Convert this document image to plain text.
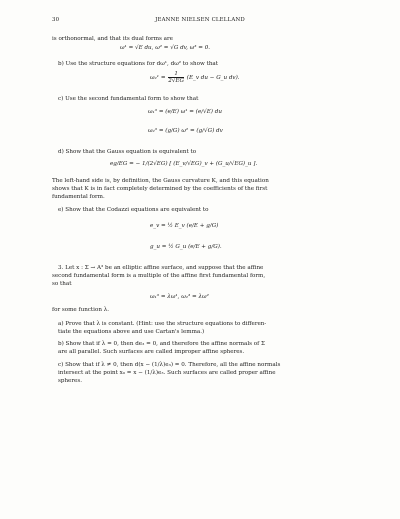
30	JEANNE NIELSEN CLELLAND
is orthonormal, and that its dual forms are
ω¹ = √E du, ω² = √G dv, ω³ = 0.
b) Use the structure equations for dω¹, dω² to show that
$\omega_2^1 = \frac{1}{2√EG}$ (E_v du − G_u dv).
c) Use the second fundamental form to show that
ω₁³ = (e/E) ω¹ = (e/√E) du
ω₂³ = (g/G) ω² = (g/√G) dv
d) Show that the Gauss equation is equivalent to
eg/EG = − 1/(2√EG) [ (E_v/√EG)_v + (G_u/√EG)_u ].
The left-hand side is, by definition, the Gauss curvature K, and this equation
shows that K is in fact completely determined by the coefficients of the first
fundamental form.
e) Show that the Codazzi equations are equivalent to
e_v = ½ E_v (e/E + g/G)
g_u = ½ G_u (e/E + g/G).
3. Let x : Σ → A³ be an elliptic affine surface, and suppose that the affine
second fundamental form is a multiple of the affine first fundamental form,
so that
ω₁³ = λω¹, ω₂³ = λω²
for some function λ.
a) Prove that λ is constant. (Hint: use the structure equations to differen-
tiate the equations above and use Cartan's lemma.)
b) Show that if λ = 0, then de₃ = 0, and therefore the affine normals of Σ
are all parallel. Such surfaces are called improper affine spheres.
c) Show that if λ ≠ 0, then d(x − (1/λ)e₃) = 0. Therefore, all the affine normals
intersect at the point x₀ = x − (1/λ)e₃. Such surfaces are called proper affine
spheres.
